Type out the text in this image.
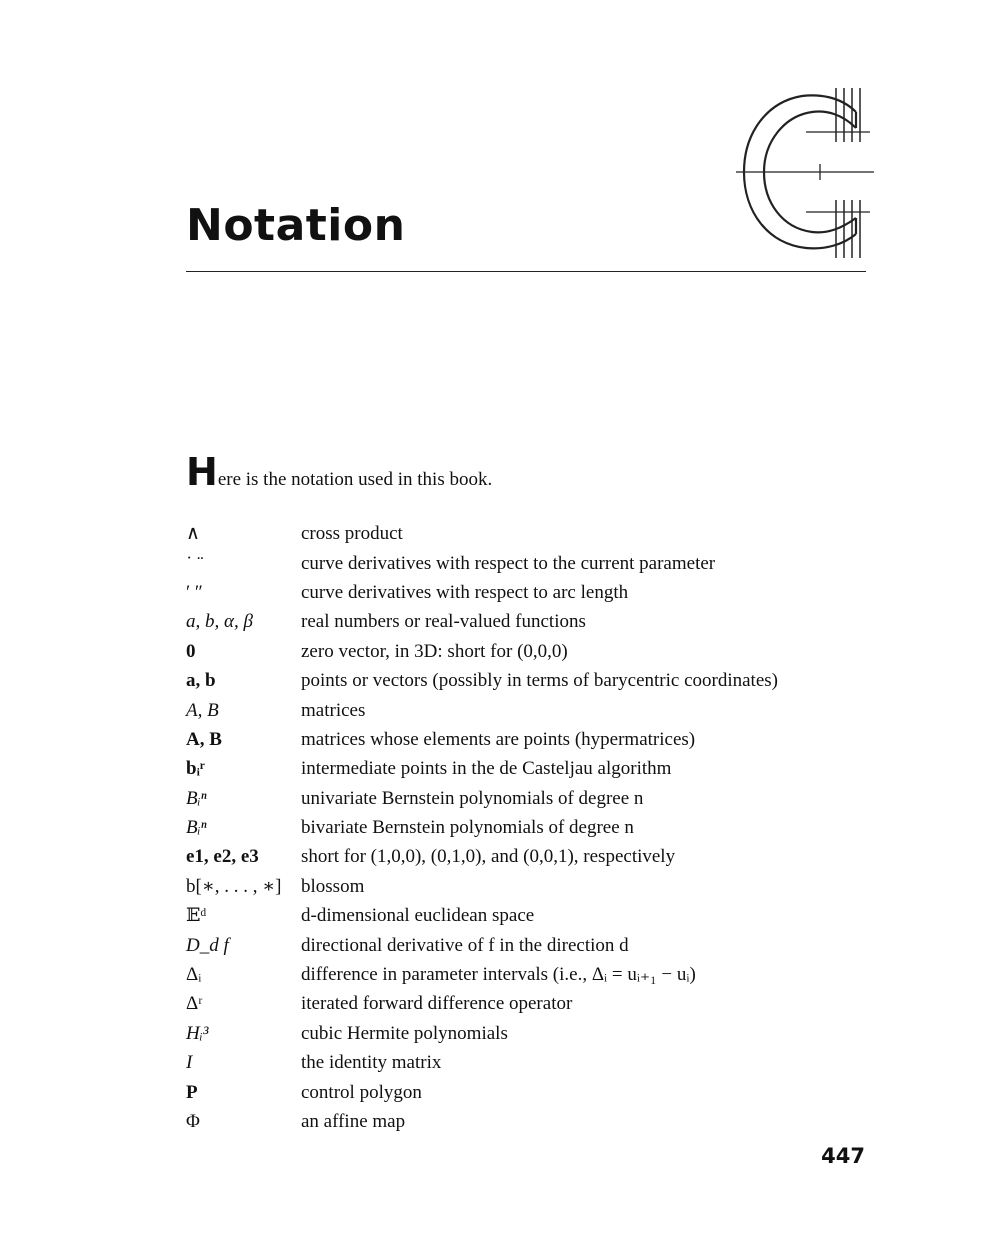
Notation

Here is the notation used in this book.

∧	cross product
˙ ¨	curve derivatives with respect to the current parameter
′ ″	curve derivatives with respect to arc length
a, b, α, β	real numbers or real-valued functions
0	zero vector, in 3D: short for (0,0,0)
a, b	points or vectors (possibly in terms of barycentric coordinates)
A, B	matrices
A, B	matrices whose elements are points (hypermatrices)
bᵢʳ	intermediate points in the de Casteljau algorithm
Bᵢⁿ	univariate Bernstein polynomials of degree n
Bᵢⁿ	bivariate Bernstein polynomials of degree n
e1, e2, e3	short for (1,0,0), (0,1,0), and (0,0,1), respectively
b[∗, . . . , ∗]	blossom
𝔼ᵈ	d-dimensional euclidean space
D_d f	directional derivative of f in the direction d
Δᵢ	difference in parameter intervals (i.e., Δᵢ = uᵢ₊₁ − uᵢ)
Δʳ	iterated forward difference operator
Hᵢ³	cubic Hermite polynomials
I	the identity matrix
P	control polygon
Φ	an affine map
447
